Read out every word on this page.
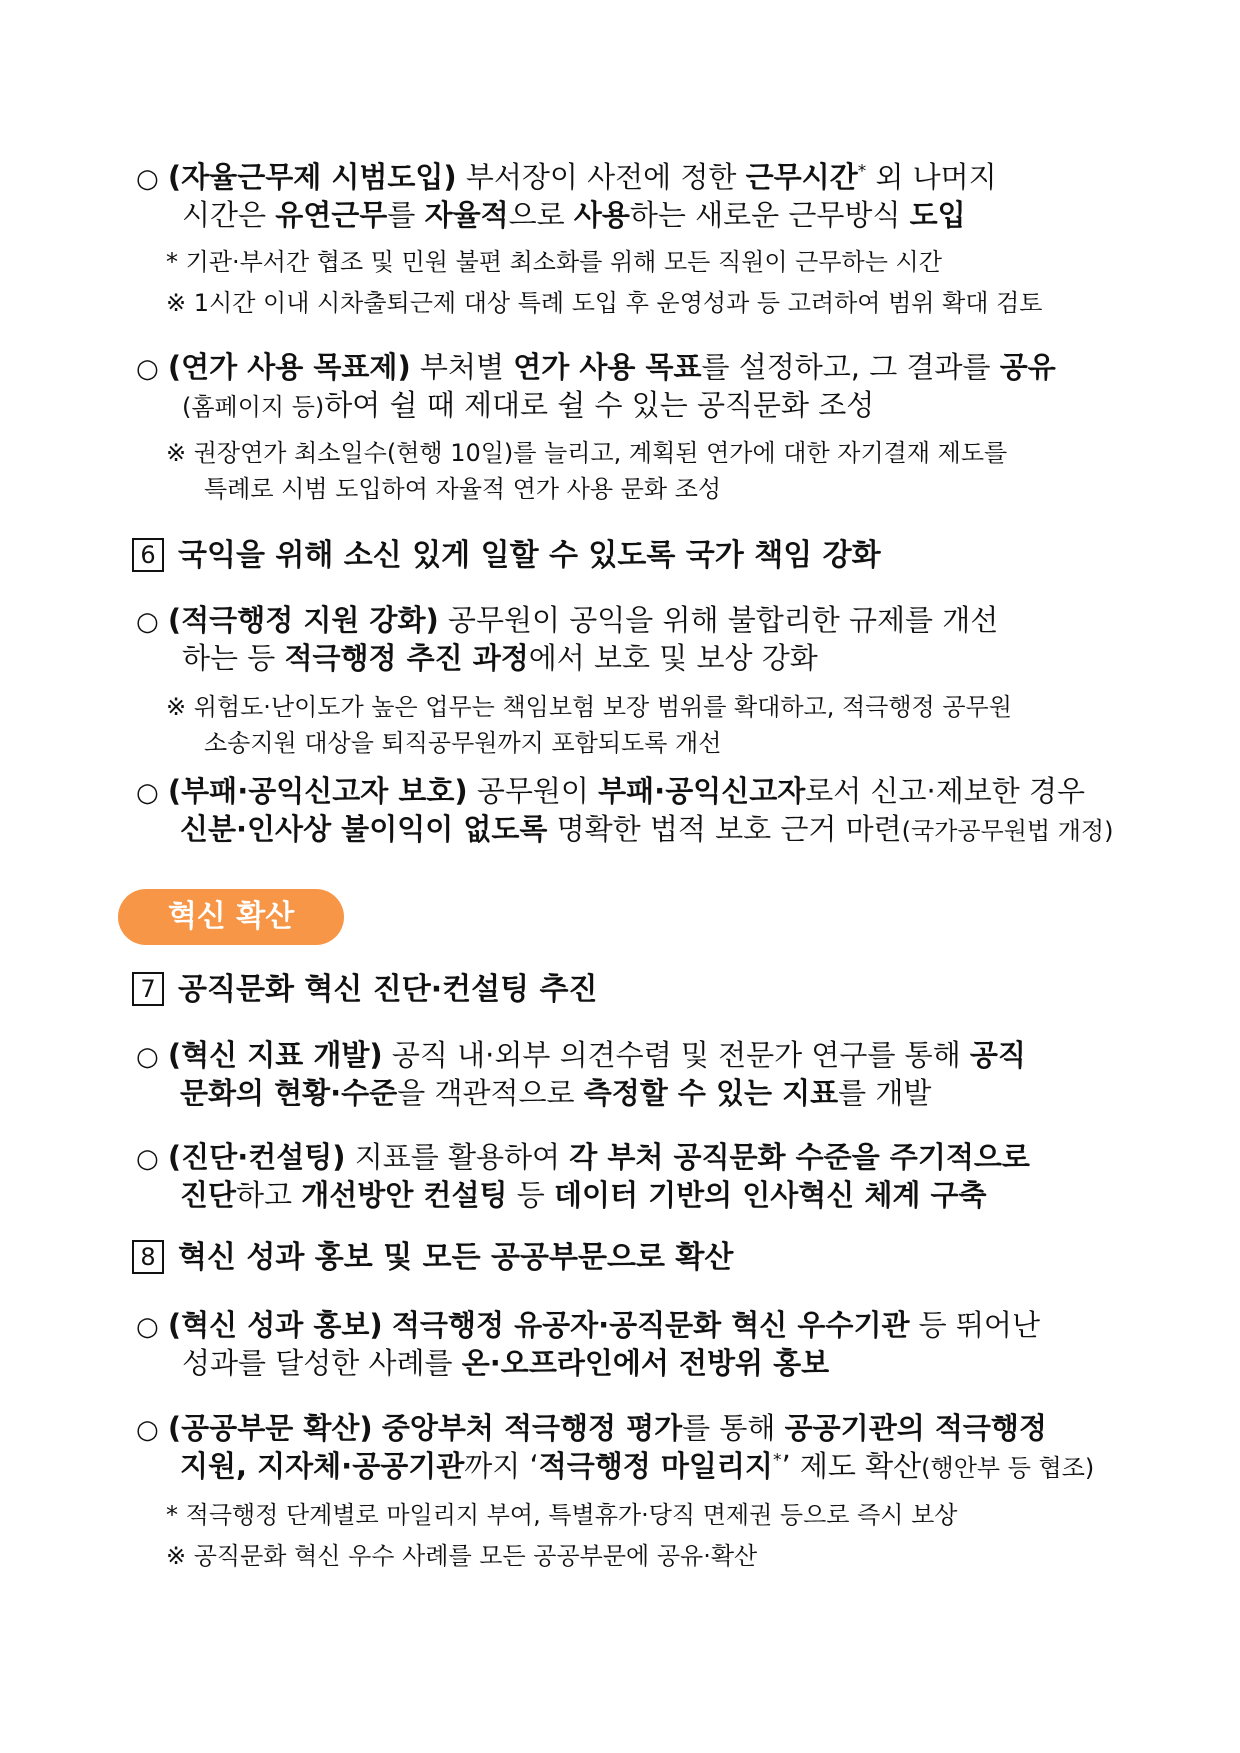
○ (자율근무제 시범도입) 부서장이 사전에 정한 근무시간* 외 나머지
시간은 유연근무를 자율적으로 사용하는 새로운 근무방식 도입
* 기관·부서간 협조 및 민원 불편 최소화를 위해 모든 직원이 근무하는 시간
※ 1시간 이내 시차출퇴근제 대상 특례 도입 후 운영성과 등 고려하여 범위 확대 검토
○ (연가 사용 목표제) 부처별 연가 사용 목표를 설정하고, 그 결과를 공유
(홈페이지 등)하여 쉴 때 제대로 쉴 수 있는 공직문화 조성
※ 권장연가 최소일수(현행 10일)를 늘리고, 계획된 연가에 대한 자기결재 제도를
특례로 시범 도입하여 자율적 연가 사용 문화 조성
6 국익을 위해 소신 있게 일할 수 있도록 국가 책임 강화
○ (적극행정 지원 강화) 공무원이 공익을 위해 불합리한 규제를 개선
하는 등 적극행정 추진 과정에서 보호 및 보상 강화
※ 위험도·난이도가 높은 업무는 책임보험 보장 범위를 확대하고, 적극행정 공무원
소송지원 대상을 퇴직공무원까지 포함되도록 개선
○ (부패·공익신고자 보호) 공무원이 부패·공익신고자로서 신고·제보한 경우
신분·인사상 불이익이 없도록 명확한 법적 보호 근거 마련(국가공무원법 개정)
혁신 확산
7 공직문화 혁신 진단·컨설팅 추진
○ (혁신 지표 개발) 공직 내·외부 의견수렴 및 전문가 연구를 통해 공직
문화의 현황·수준을 객관적으로 측정할 수 있는 지표를 개발
○ (진단·컨설팅) 지표를 활용하여 각 부처 공직문화 수준을 주기적으로
진단하고 개선방안 컨설팅 등 데이터 기반의 인사혁신 체계 구축
8 혁신 성과 홍보 및 모든 공공부문으로 확산
○ (혁신 성과 홍보) 적극행정 유공자·공직문화 혁신 우수기관 등 뛰어난
성과를 달성한 사례를 온·오프라인에서 전방위 홍보
○ (공공부문 확산) 중앙부처 적극행정 평가를 통해 공공기관의 적극행정
지원, 지자체·공공기관까지 ‘적극행정 마일리지*’ 제도 확산(행안부 등 협조)
* 적극행정 단계별로 마일리지 부여, 특별휴가·당직 면제권 등으로 즉시 보상
※ 공직문화 혁신 우수 사례를 모든 공공부문에 공유·확산
